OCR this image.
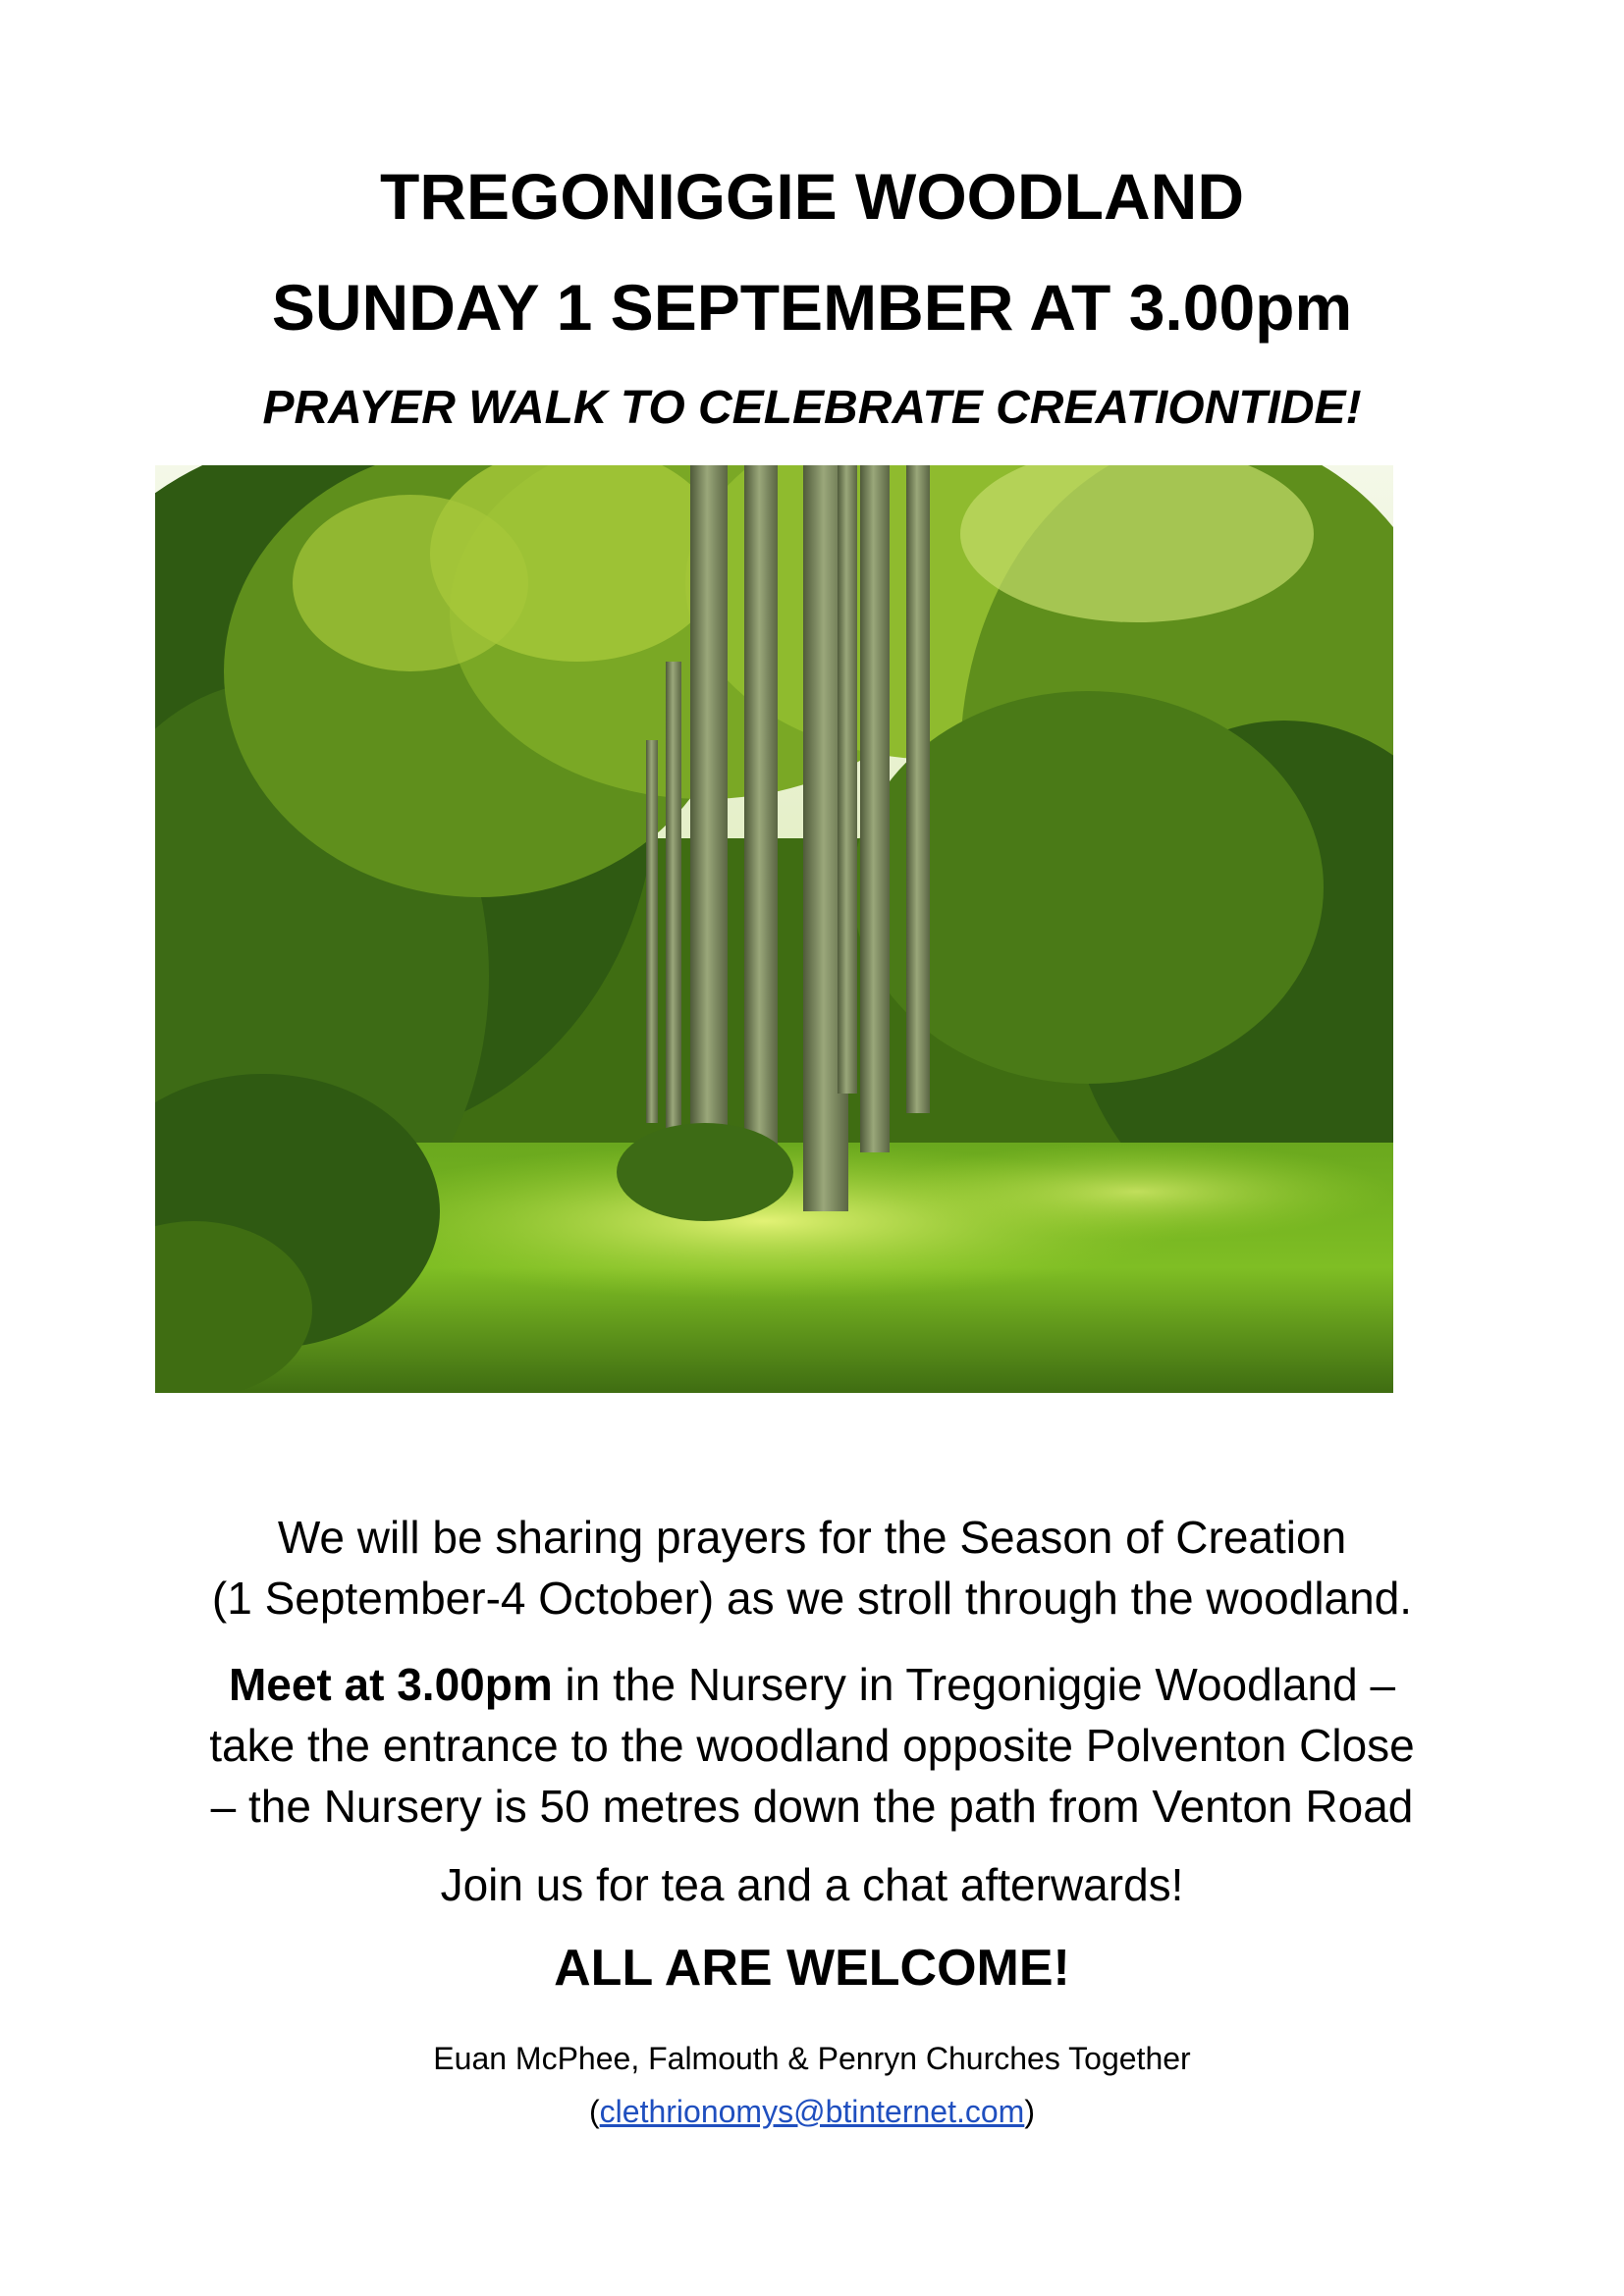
TREGONIGGIE WOODLAND
SUNDAY 1 SEPTEMBER AT 3.00pm
PRAYER WALK TO CELEBRATE CREATIONTIDE!

We will be sharing prayers for the Season of Creation
(1 September-4 October) as we stroll through the woodland.

Meet at 3.00pm in the Nursery in Tregoniggie Woodland –
take the entrance to the woodland opposite Polventon Close
– the Nursery is 50 metres down the path from Venton Road

Join us for tea and a chat afterwards!

ALL ARE WELCOME!

Euan McPhee, Falmouth & Penryn Churches Together
(clethrionomys@btinternet.com)
